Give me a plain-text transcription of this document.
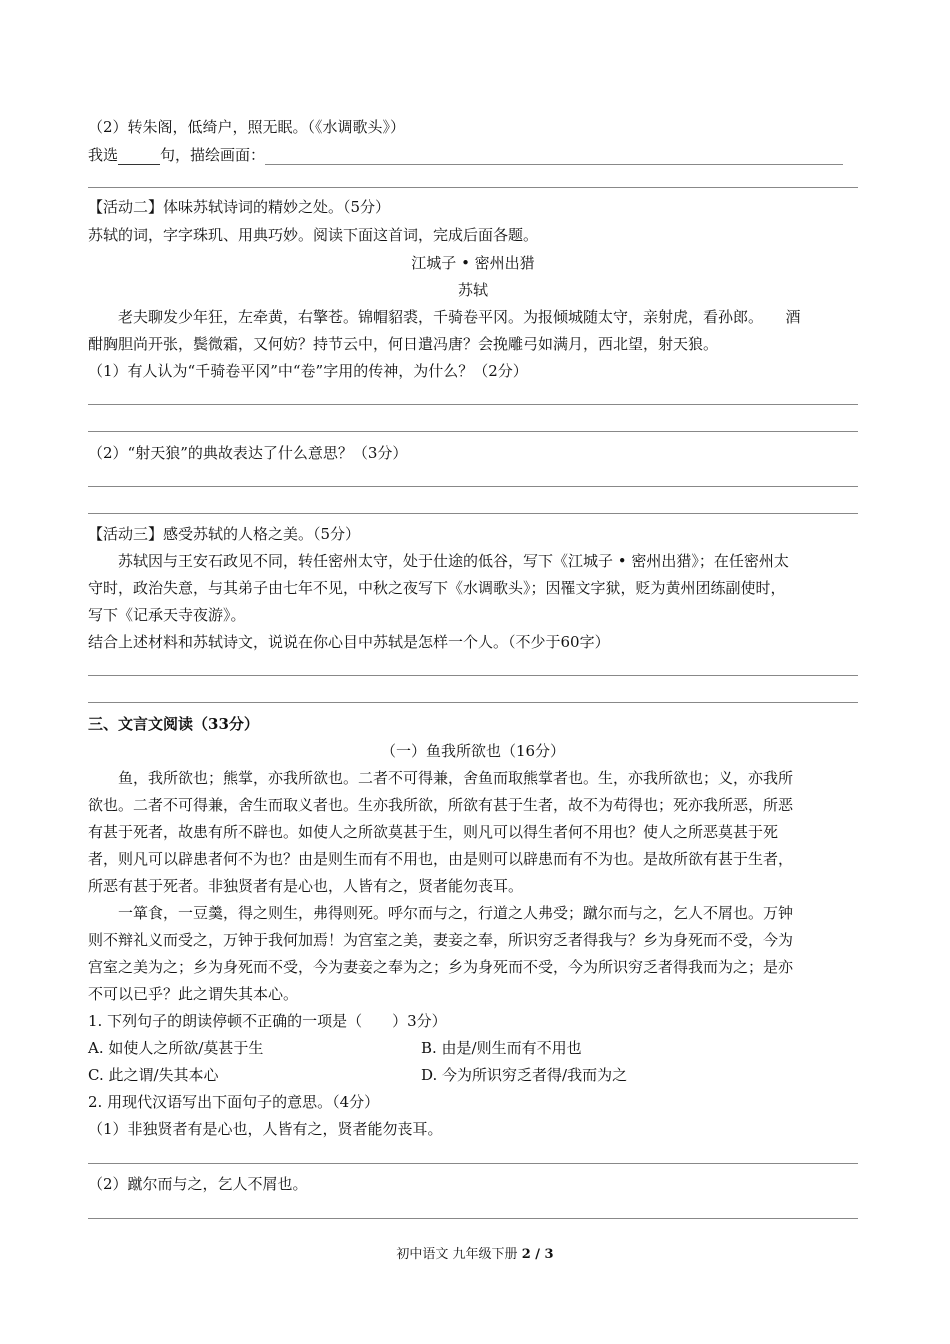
（2）转朱阁，低绮户，照无眠。（《水调歌头》）
我选	句，描绘画面：
【活动二】体味苏轼诗词的精妙之处。（5分）
苏轼的词，字字珠玑、用典巧妙。阅读下面这首词，完成后面各题。
江城子 • 密州出猎
苏轼
老夫聊发少年狂，左牵黄，右擎苍。锦帽貂裘，千骑卷平冈。为报倾城随太守，亲射虎，看孙郎。　　酒
酣胸胆尚开张，鬓微霜，又何妨？持节云中，何日遣冯唐？会挽雕弓如满月，西北望，射天狼。
（1）有人认为“千骑卷平冈”中“卷”字用的传神，为什么？（2分）
（2）“射天狼”的典故表达了什么意思？（3分）
【活动三】感受苏轼的人格之美。（5分）
苏轼因与王安石政见不同，转任密州太守，处于仕途的低谷，写下《江城子 • 密州出猎》；在任密州太
守时，政治失意，与其弟子由七年不见，中秋之夜写下《水调歌头》；因罹文字狱，贬为黄州团练副使时，
写下《记承天寺夜游》。
结合上述材料和苏轼诗文，说说在你心目中苏轼是怎样一个人。（不少于60字）
三、文言文阅读（33分）
（一）鱼我所欲也（16分）
鱼，我所欲也；熊掌，亦我所欲也。二者不可得兼，舍鱼而取熊掌者也。生，亦我所欲也；义，亦我所
欲也。二者不可得兼，舍生而取义者也。生亦我所欲，所欲有甚于生者，故不为苟得也；死亦我所恶，所恶
有甚于死者，故患有所不辟也。如使人之所欲莫甚于生，则凡可以得生者何不用也？使人之所恶莫甚于死
者，则凡可以辟患者何不为也？由是则生而有不用也，由是则可以辟患而有不为也。是故所欲有甚于生者，
所恶有甚于死者。非独贤者有是心也，人皆有之，贤者能勿丧耳。
一箪食，一豆羹，得之则生，弗得则死。呼尔而与之，行道之人弗受；蹴尔而与之，乞人不屑也。万钟
则不辩礼义而受之，万钟于我何加焉！为宫室之美，妻妾之奉，所识穷乏者得我与？乡为身死而不受，今为
宫室之美为之；乡为身死而不受，今为妻妾之奉为之；乡为身死而不受，今为所识穷乏者得我而为之；是亦
不可以已乎？此之谓失其本心。
1. 下列句子的朗读停顿不正确的一项是（　　）3分）
A. 如使人之所欲/莫甚于生	B. 由是/则生而有不用也
C. 此之谓/失其本心	D. 今为所识穷乏者得/我而为之
2. 用现代汉语写出下面句子的意思。（4分）
（1）非独贤者有是心也，人皆有之，贤者能勿丧耳。
（2）蹴尔而与之，乞人不屑也。
初中语文 九年级下册 2 / 3
